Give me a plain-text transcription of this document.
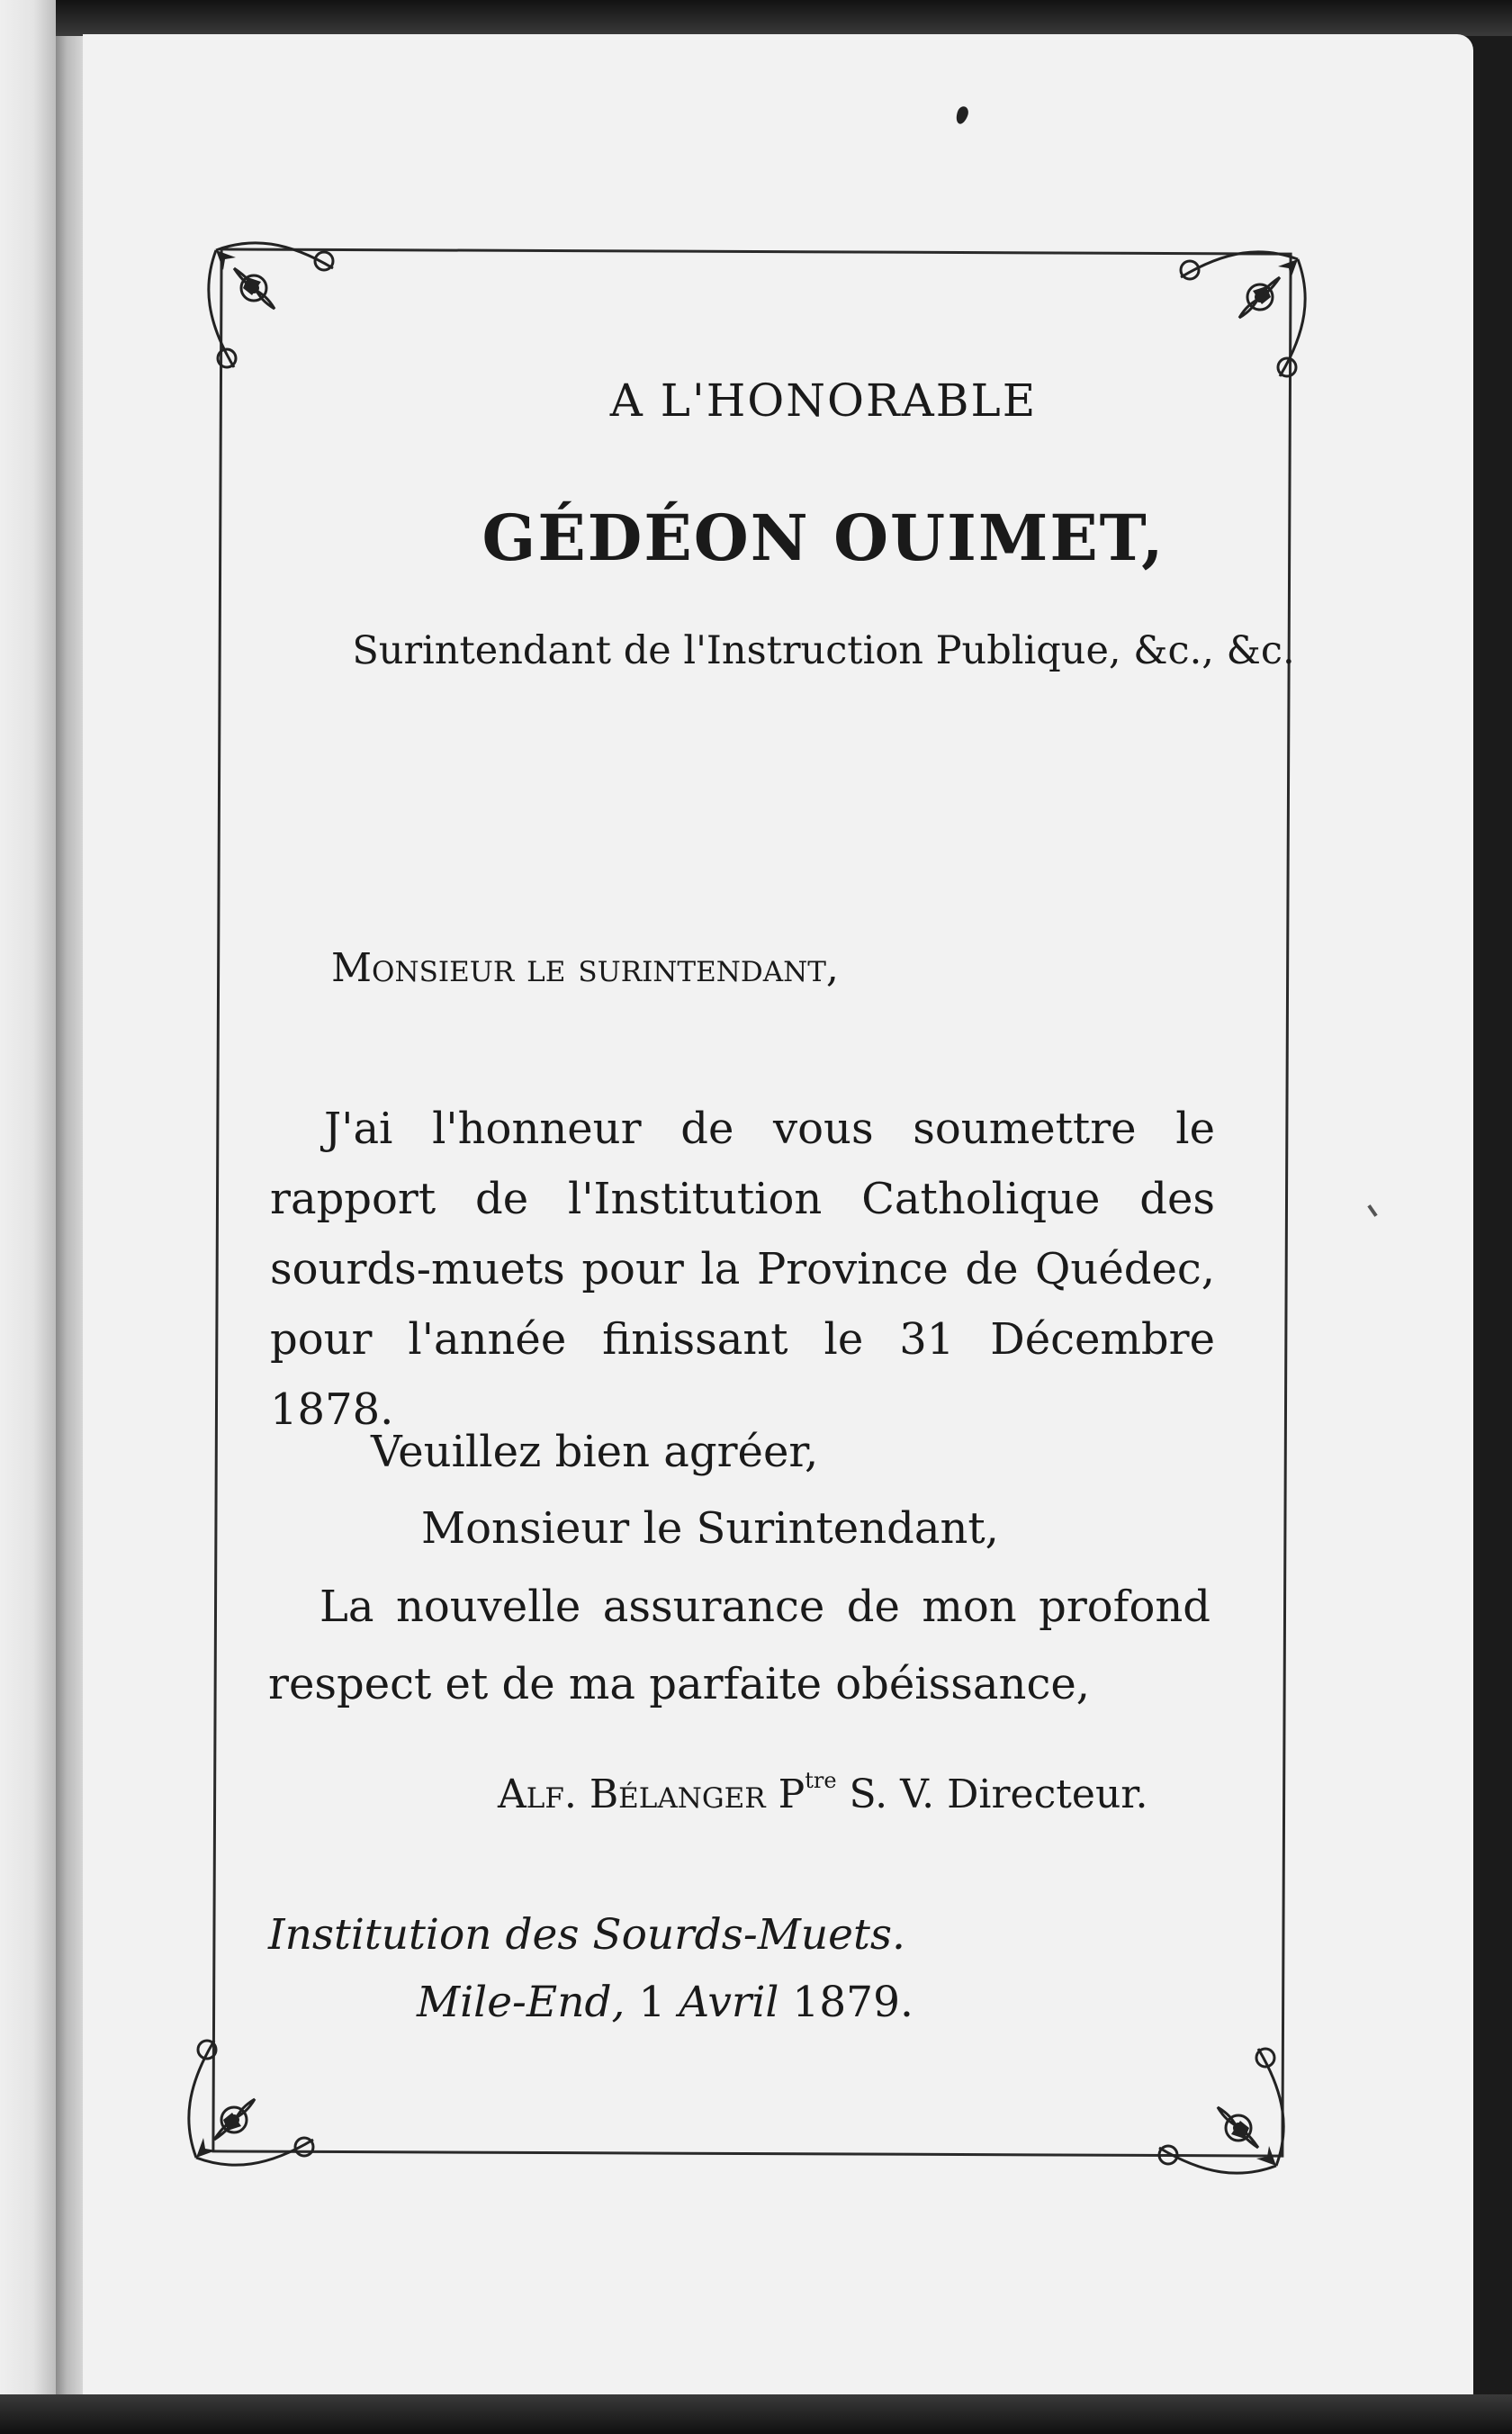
A L'HONORABLE
GÉDÉON OUIMET,
Surintendant de l'Instruction Publique, &c., &c.
Monsieur le surintendant,
J'ai l'honneur de vous soumettre le rapport de l'Institution Catholique des sourds-muets pour la Province de Quédec, pour l'année finissant le 31 Décembre 1878.
Veuillez bien agréer,
Monsieur le Surintendant,
La nouvelle assurance de mon profond
respect et de ma parfaite obéissance,
Alf. Bélanger $P^{tre}$ S. V. Directeur.
Institution des Sourds-Muets.
Mile-End, 1 Avril 1879.
